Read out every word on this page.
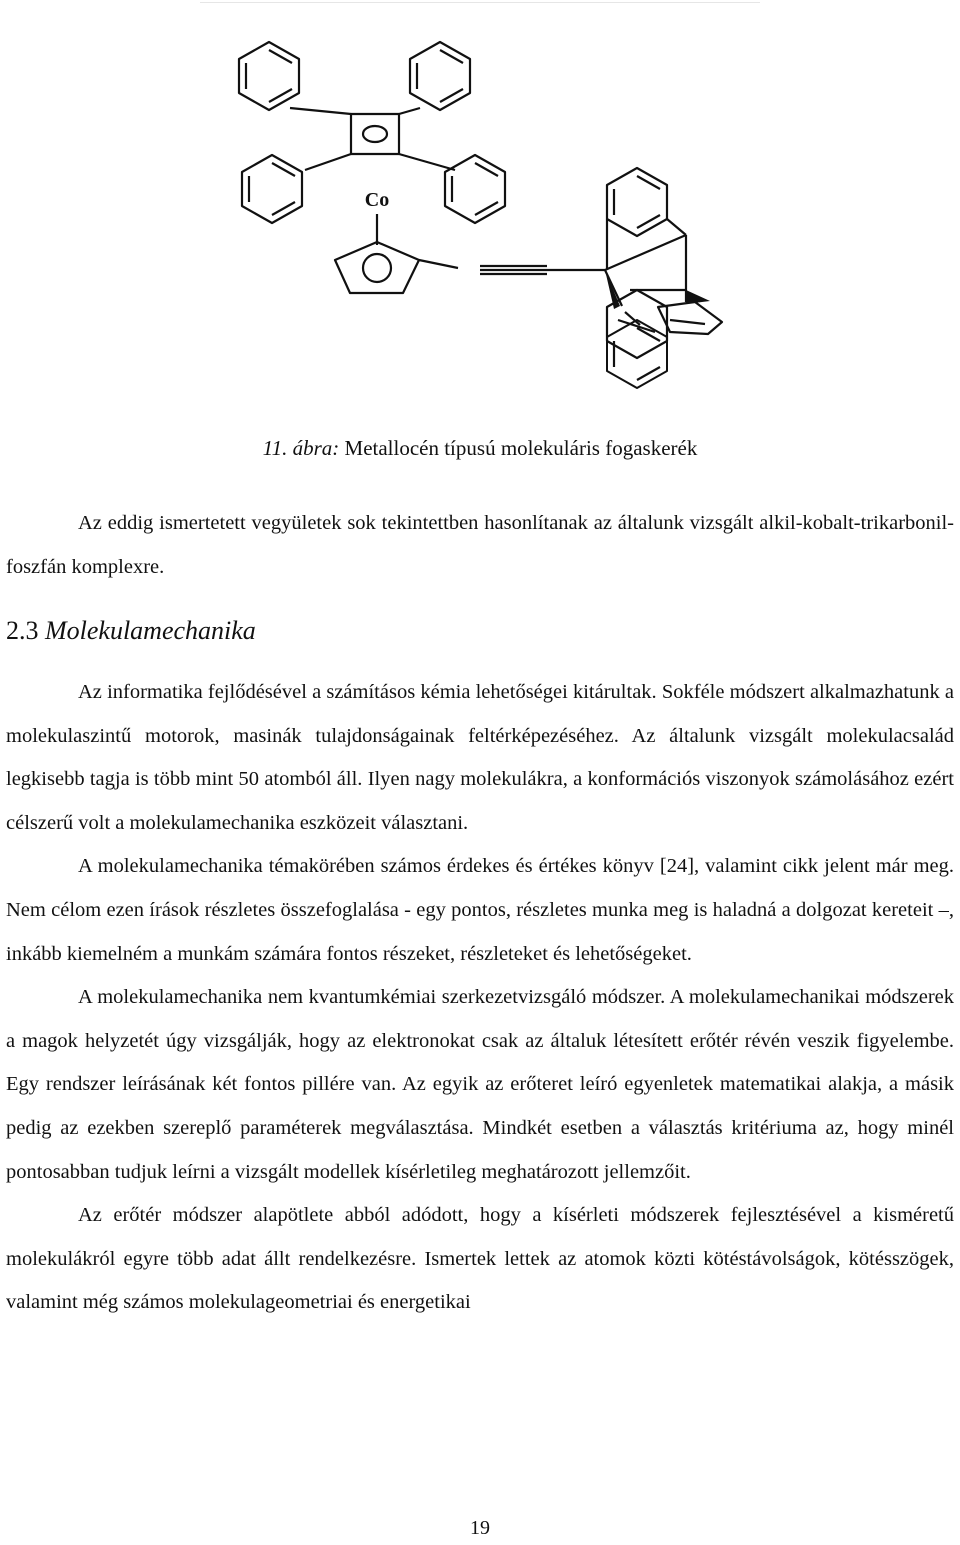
Co
11. ábra: Metallocén típusú molekuláris fogaskerék

Az eddig ismertetett vegyületek sok tekintettben hasonlítanak az általunk vizsgált alkil-kobalt-trikarbonil-foszfán komplexre.

2.3 Molekulamechanika

Az informatika fejlődésével a számításos kémia lehetőségei kitárultak. Sokféle módszert alkalmazhatunk a molekulaszintű motorok, masinák tulajdonságainak feltérképezéséhez. Az általunk vizsgált molekulacsalád legkisebb tagja is több mint 50 atomból áll. Ilyen nagy molekulákra, a konformációs viszonyok számolásához ezért célszerű volt a molekulamechanika eszközeit választani.

A molekulamechanika témakörében számos érdekes és értékes könyv [24], valamint cikk jelent már meg. Nem célom ezen írások részletes összefoglalása - egy pontos, részletes munka meg is haladná a dolgozat kereteit –, inkább kiemelném a munkám számára fontos részeket, részleteket és lehetőségeket.

A molekulamechanika nem kvantumkémiai szerkezetvizsgáló módszer. A molekulamechanikai módszerek a magok helyzetét úgy vizsgálják, hogy az elektronokat csak az általuk létesített erőtér révén veszik figyelembe. Egy rendszer leírásának két fontos pillére van. Az egyik az erőteret leíró egyenletek matematikai alakja, a másik pedig az ezekben szereplő paraméterek megválasztása. Mindkét esetben a választás kritériuma az, hogy minél pontosabban tudjuk leírni a vizsgált modellek kísérletileg meghatározott jellemzőit.

Az erőtér módszer alapötlete abból adódott, hogy a kísérleti módszerek fejlesztésével a kisméretű molekulákról egyre több adat állt rendelkezésre. Ismertek lettek az atomok közti kötéstávolságok, kötésszögek, valamint még számos molekulageometriai és energetikai

19
